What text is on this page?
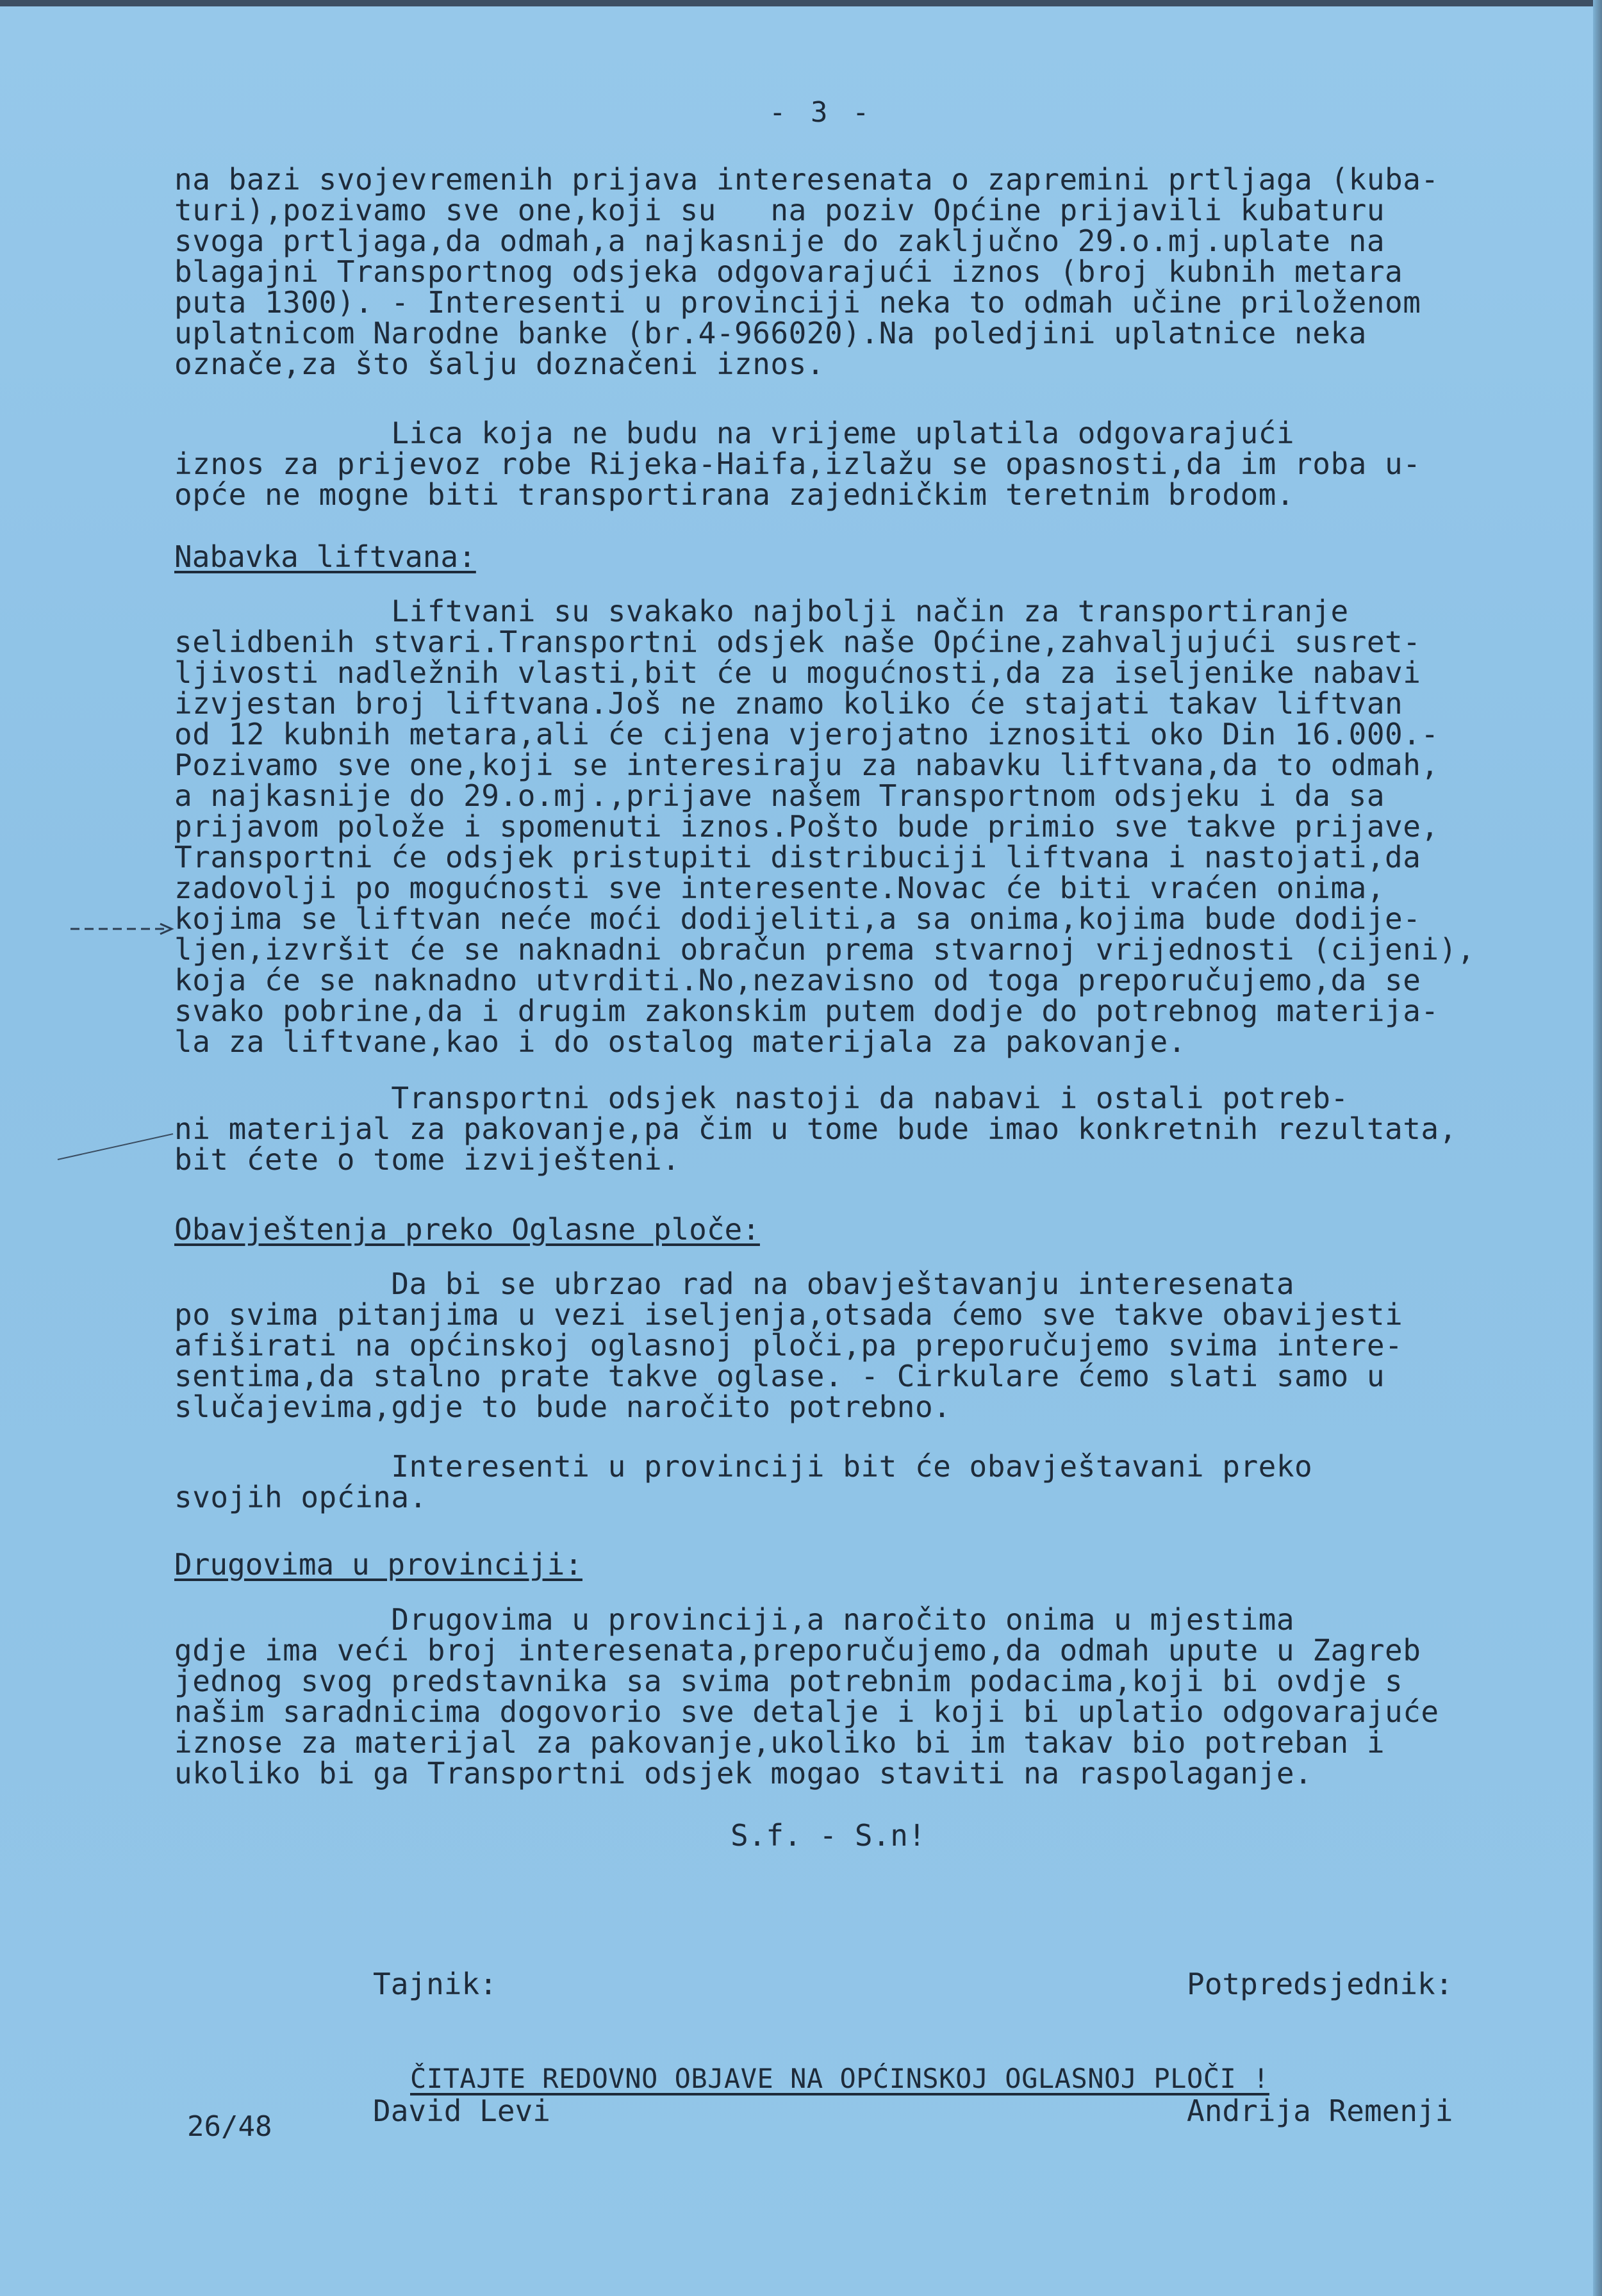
- 3 -
na bazi svojevremenih prijava interesenata o zapremini prtljaga (kuba-
turi),pozivamo sve one,koji su   na poziv Općine prijavili kubaturu
svoga prtljaga,da odmah,a najkasnije do zaključno 29.o.mj.uplate na
blagajni Transportnog odsjeka odgovarajući iznos (broj kubnih metara
puta 1300). - Interesenti u provinciji neka to odmah učine priloženom
uplatnicom Narodne banke (br.4-966020).Na poledjini uplatnice neka
označe,za što šalju doznačeni iznos.
Lica koja ne budu na vrijeme uplatila odgovarajući
iznos za prijevoz robe Rijeka-Haifa,izlažu se opasnosti,da im roba u-
opće ne mogne biti transportirana zajedničkim teretnim brodom.
Nabavka liftvana:
Liftvani su svakako najbolji način za transportiranje
selidbenih stvari.Transportni odsjek naše Općine,zahvaljujući susret-
ljivosti nadležnih vlasti,bit će u mogućnosti,da za iseljenike nabavi
izvjestan broj liftvana.Još ne znamo koliko će stajati takav liftvan
od 12 kubnih metara,ali će cijena vjerojatno iznositi oko Din 16.000.-
Pozivamo sve one,koji se interesiraju za nabavku liftvana,da to odmah,
a najkasnije do 29.o.mj.,prijave našem Transportnom odsjeku i da sa
prijavom polože i spomenuti iznos.Pošto bude primio sve takve prijave,
Transportni će odsjek pristupiti distribuciji liftvana i nastojati,da
zadovolji po mogućnosti sve interesente.Novac će biti vraćen onima,
kojima se liftvan neće moći dodijeliti,a sa onima,kojima bude dodije-
ljen,izvršit će se naknadni obračun prema stvarnoj vrijednosti (cijeni),
koja će se naknadno utvrditi.No,nezavisno od toga preporučujemo,da se
svako pobrine,da i drugim zakonskim putem dodje do potrebnog materija-
la za liftvane,kao i do ostalog materijala za pakovanje.
Transportni odsjek nastoji da nabavi i ostali potreb-
ni materijal za pakovanje,pa čim u tome bude imao konkretnih rezultata,
bit ćete o tome izviješteni.
Obavještenja preko Oglasne ploče:
Da bi se ubrzao rad na obavještavanju interesenata
po svima pitanjima u vezi iseljenja,otsada ćemo sve takve obavijesti
afiširati na općinskoj oglasnoj ploči,pa preporučujemo svima intere-
sentima,da stalno prate takve oglase. - Cirkulare ćemo slati samo u
slučajevima,gdje to bude naročito potrebno.
Interesenti u provinciji bit će obavještavani preko
svojih općina.
Drugovima u provinciji:
Drugovima u provinciji,a naročito onima u mjestima
gdje ima veći broj interesenata,preporučujemo,da odmah upute u Zagreb
jednog svog predstavnika sa svima potrebnim podacima,koji bi ovdje s
našim saradnicima dogovorio sve detalje i koji bi uplatio odgovarajuće
iznose za materijal za pakovanje,ukoliko bi im takav bio potreban i
ukoliko bi ga Transportni odsjek mogao staviti na raspolaganje.
S.f. - S.n!

Tajnik:

David Levi

Potpredsjednik:

Andrija Remenji

ČITAJTE REDOVNO OBJAVE NA OPĆINSKOJ OGLASNOJ PLOČI !
26/48
